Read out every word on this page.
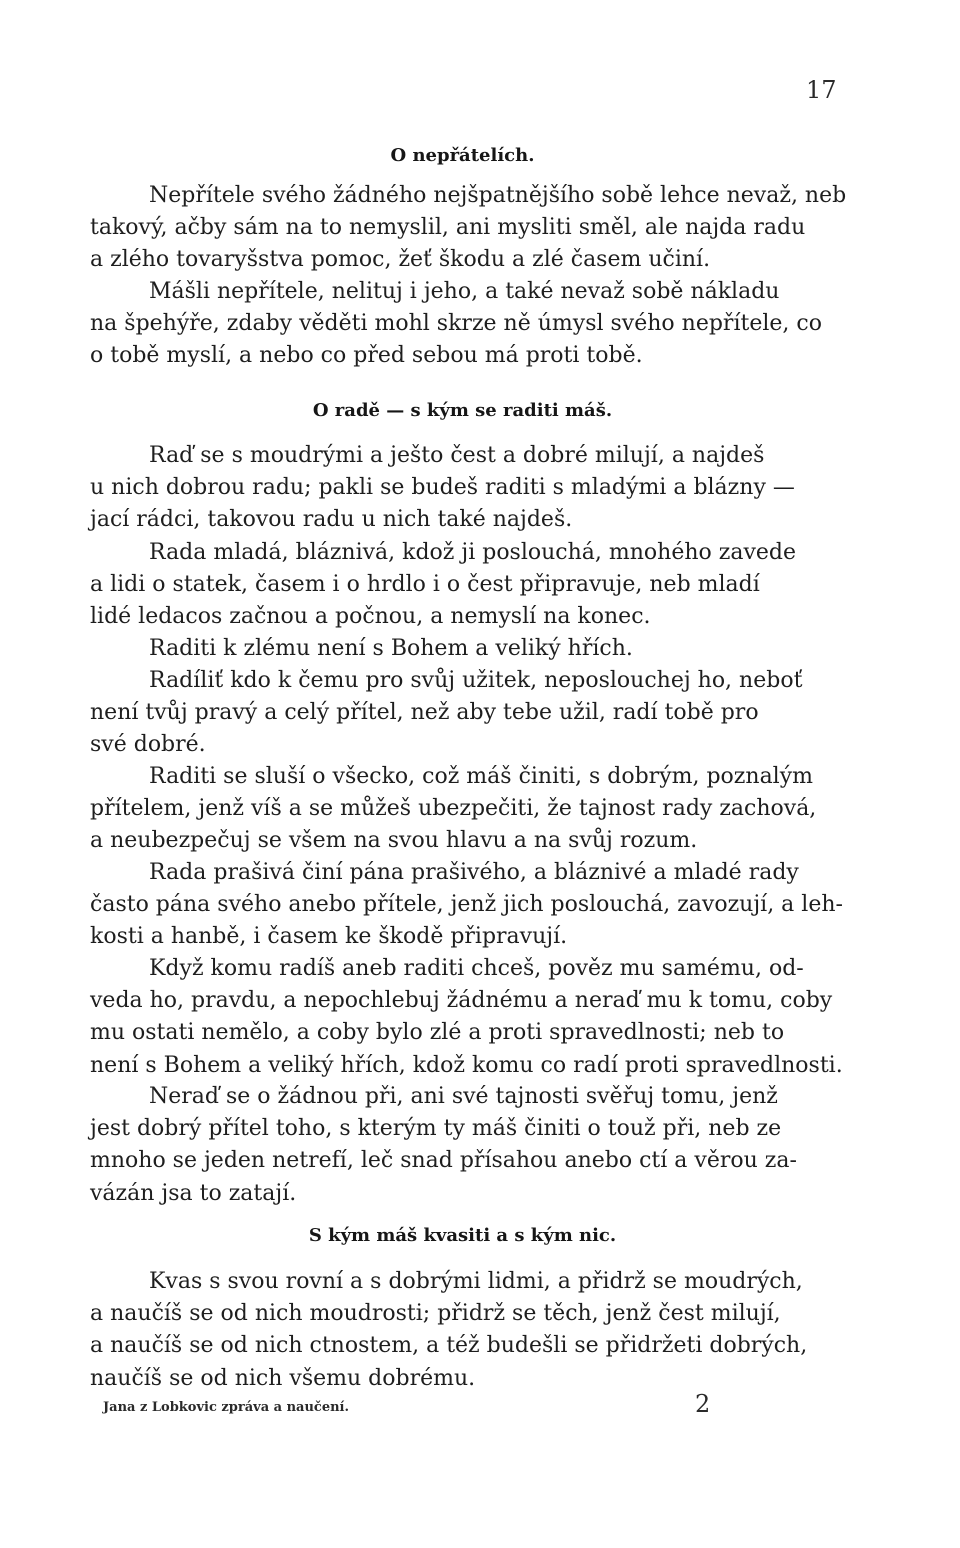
17
O nepřátelích.
Nepřítele svého žádného nejšpatnějšího sobě lehce nevaž, neb
takový, ačby sám na to nemyslil, ani mysliti směl, ale najda radu
a zlého tovaryšstva pomoc, žeť škodu a zlé časem učiní.
Mášli nepřítele, nelituj i jeho, a také nevaž sobě nákladu
na špehýře, zdaby věděti mohl skrze ně úmysl svého nepřítele, co
o tobě myslí, a nebo co před sebou má proti tobě.
O radě — s kým se raditi máš.
Raď se s moudrými a ješto čest a dobré milují, a najdeš
u nich dobrou radu; pakli se budeš raditi s mladými a blázny —
jací rádci, takovou radu u nich také najdeš.
Rada mladá, bláznivá, kdož ji poslouchá, mnohého zavede
a lidi o statek, časem i o hrdlo i o čest připravuje, neb mladí
lidé ledacos začnou a počnou, a nemyslí na konec.
Raditi k zlému není s Bohem a veliký hřích.
Radíliť kdo k čemu pro svůj užitek, neposlouchej ho, neboť
není tvůj pravý a celý přítel, než aby tebe užil, radí tobě pro
své dobré.
Raditi se sluší o všecko, což máš činiti, s dobrým, poznalým
přítelem, jenž víš a se můžeš ubezpečiti, že tajnost rady zachová,
a neubezpečuj se všem na svou hlavu a na svůj rozum.
Rada prašivá činí pána prašivého, a bláznivé a mladé rady
často pána svého anebo přítele, jenž jich poslouchá, zavozují, a leh-
kosti a hanbě, i časem ke škodě připravují.
Když komu radíš aneb raditi chceš, pověz mu samému, od-
veda ho, pravdu, a nepochlebuj žádnému a neraď mu k tomu, coby
mu ostati nemělo, a coby bylo zlé a proti spravedlnosti; neb to
není s Bohem a veliký hřích, kdož komu co radí proti spravedlnosti.
Neraď se o žádnou při, ani své tajnosti svěřuj tomu, jenž
jest dobrý přítel toho, s kterým ty máš činiti o touž při, neb ze
mnoho se jeden netrefí, leč snad přísahou anebo ctí a věrou za-
vázán jsa to zatají.
S kým máš kvasiti a s kým nic.
Kvas s svou rovní a s dobrými lidmi, a přidrž se moudrých,
a naučíš se od nich moudrosti; přidrž se těch, jenž čest milují,
a naučíš se od nich ctnostem, a též budešli se přidržeti dobrých,
naučíš se od nich všemu dobrému.
Jana z Lobkovic zpráva a naučení.	2
